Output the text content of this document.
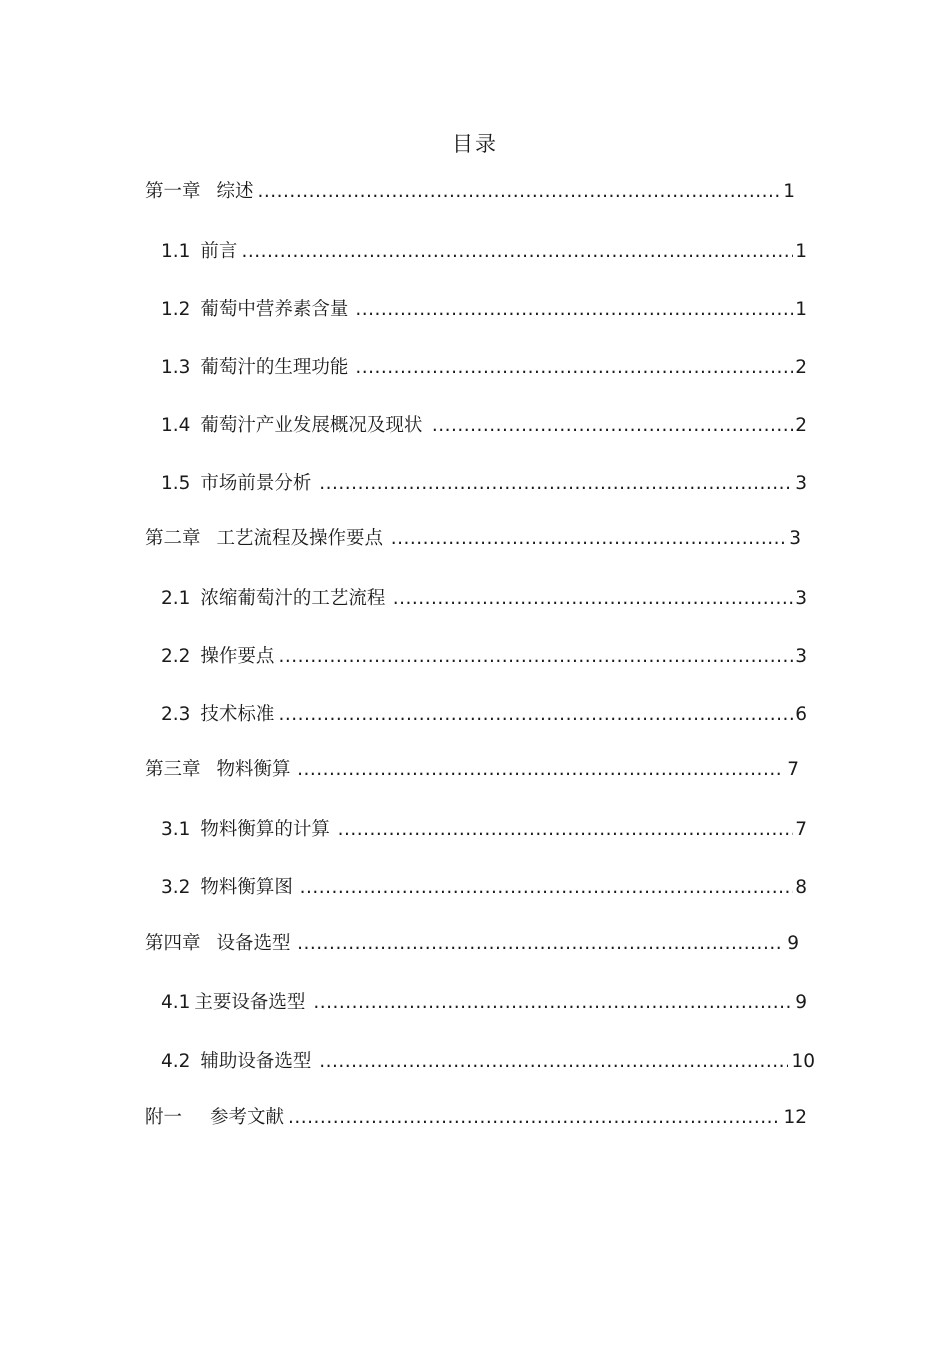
目录
第一章 综述 .....	1
1.1 前言 .....	1
1.2 葡萄中营养素含量 .....	1
1.3 葡萄汁的生理功能 .....	2
1.4 葡萄汁产业发展概况及现状 .....	2
1.5 市场前景分析 .....	3
第二章 工艺流程及操作要点 .....	3
2.1 浓缩葡萄汁的工艺流程 .....	3
2.2 操作要点 .....	3
2.3 技术标准 .....	6
第三章 物料衡算 .....	7
3.1 物料衡算的计算 .....	7
3.2 物料衡算图 .....	8
第四章 设备选型 .....	9
4.1 主要设备选型 .....	9
4.2 辅助设备选型 .....	10
附一 参考文献 .....	12
